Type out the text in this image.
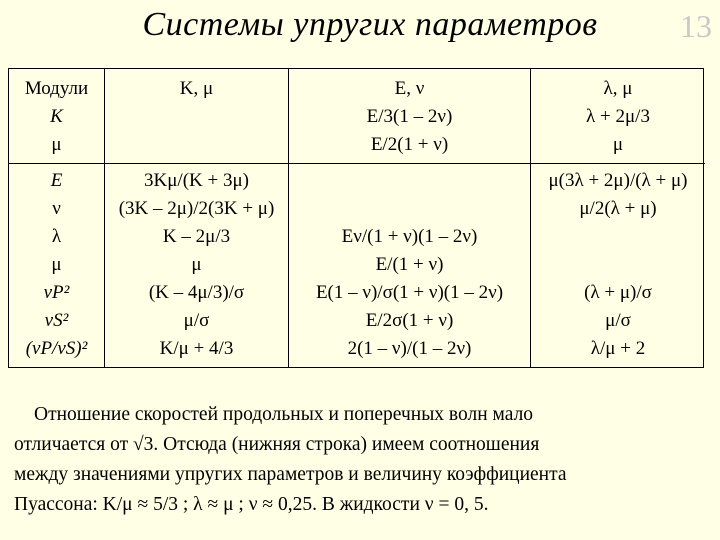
Системы упругих параметров	13
Модули
K
μ
K, μ	E, ν
E/3(1 – 2ν)
E/2(1 + ν)
λ, μ
λ + 2μ/3
μ
E
ν
λ
μ
vP²
vS²
(vP/vS)²
3Kμ/(K + 3μ)
(3K – 2μ)/2(3K + μ)
K – 2μ/3
μ
(K – 4μ/3)/σ
μ/σ
K/μ + 4/3

Eν/(1 + ν)(1 – 2ν)
E/(1 + ν)
E(1 – ν)/σ(1 + ν)(1 – 2ν)
E/2σ(1 + ν)
2(1 – ν)/(1 – 2ν)
μ(3λ + 2μ)/(λ + μ)
μ/2(λ + μ)

(λ + μ)/σ
μ/σ
λ/μ + 2

Отношение скоростей продольных и поперечных волн мало

отличается от √3. Отсюда (нижняя строка) имеем соотношения

между значениями упругих параметров и величину коэффициента

Пуассона: K/μ ≈ 5/3 ; λ ≈ μ ; ν ≈ 0,25. В жидкости ν = 0, 5.
